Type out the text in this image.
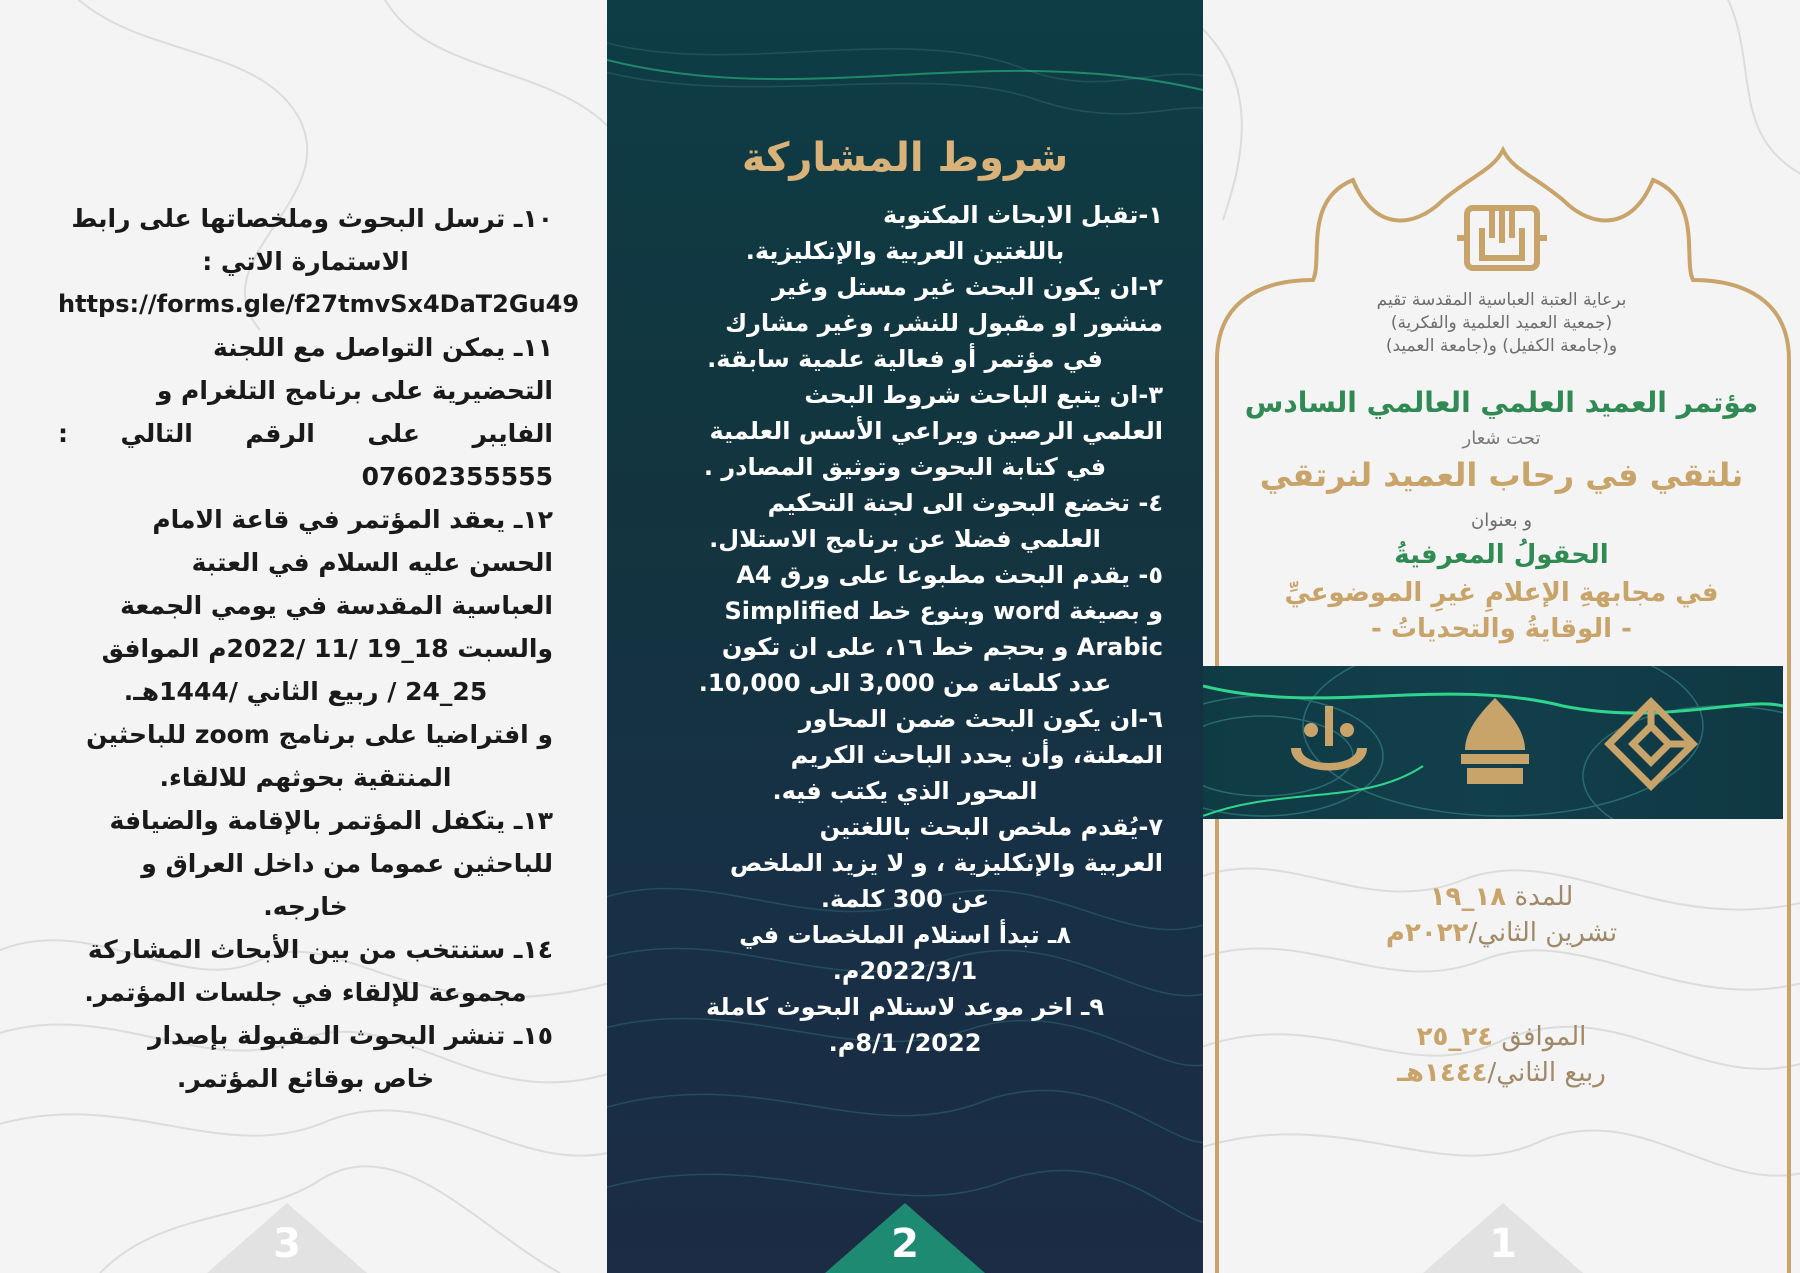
١٠ـ ترسل البحوث وملخصاتها على رابط

الاستمارة الاتي :

https://forms.gle/f27tmvSx4DaT2Gu49

١١ـ يمكن التواصل مع اللجنة

التحضيرية على برنامج التلغرام و

الفايبر على الرقم التالي : 07602355555

١٢ـ يعقد المؤتمر في قاعة الامام

الحسن عليه السلام في العتبة

العباسية المقدسة في يومي الجمعة

والسبت 18_19 /11 /2022م الموافق

25_24 / ربيع الثاني /1444هـ.

و افتراضيا على برنامج zoom للباحثين

المنتقية بحوثهم للالقاء.

١٣ـ يتكفل المؤتمر بالإقامة والضيافة

للباحثين عموما من داخل العراق و

خارجه.

١٤ـ ستنتخب من بين الأبحاث المشاركة

مجموعة للإلقاء في جلسات المؤتمر.

١٥ـ تنشر البحوث المقبولة بإصدار

خاص بوقائع المؤتمر.

3
شروط المشاركة

١-تقبل الابحاث المكتوبة

باللغتين العربية والإنكليزية.

٢-ان يكون البحث غير مستل وغير

منشور او مقبول للنشر، وغير مشارك

في مؤتمر أو فعالية علمية سابقة.

٣-ان يتبع الباحث شروط البحث

العلمي الرصين ويراعي الأسس العلمية

في كتابة البحوث وتوثيق المصادر .

٤- تخضع البحوث الى لجنة التحكيم

العلمي فضلا عن برنامج الاستلال.

٥- يقدم البحث مطبوعا على ورق A4

و بصيغة word وبنوع خط Simplified

Arabic و بحجم خط ١٦، على ان تكون

عدد كلماته من 3,000 الى 10,000.

٦-ان يكون البحث ضمن المحاور

المعلنة، وأن يحدد الباحث الكريم

المحور الذي يكتب فيه.

٧-يُقدم ملخص البحث باللغتين

العربية والإنكليزية ، و لا يزيد الملخص

عن 300 كلمة.

٨ـ تبدأ استلام الملخصات في

2022/3/1م.

٩ـ اخر موعد لاستلام البحوث كاملة

2022/ 8/1م.

2
برعاية العتبة العباسية المقدسة تقيم
(جمعية العميد العلمية والفكرية)
و(جامعة الكفيل) و(جامعة العميد)
مؤتمر العميد العلمي العالمي السادس
تحت شعار
نلتقي في رحاب العميد لنرتقي
و بعنوان
الحقولُ المعرفيةُ
في مجابهةِ الإعلامِ غيرِ الموضوعيِّ
- الوقايةُ والتحدياتُ -
للمدة ١٨_١٩
تشرين الثاني/٢٠٢٢م
الموافق ٢٤_٢٥
ربيع الثاني/١٤٤٤هـ
1
